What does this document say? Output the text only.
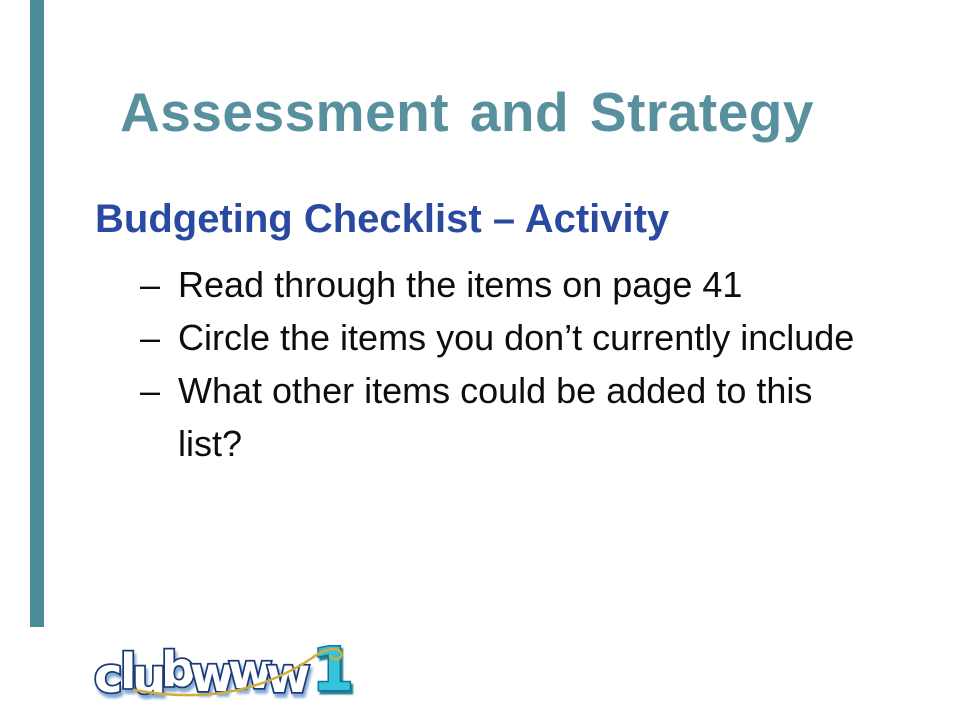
Assessment and Strategy
Budgeting Checklist – Activity
– Read through the items on page 41
– Circle the items you don’t currently include
– What other items could be added to this list?
clubwww 1
